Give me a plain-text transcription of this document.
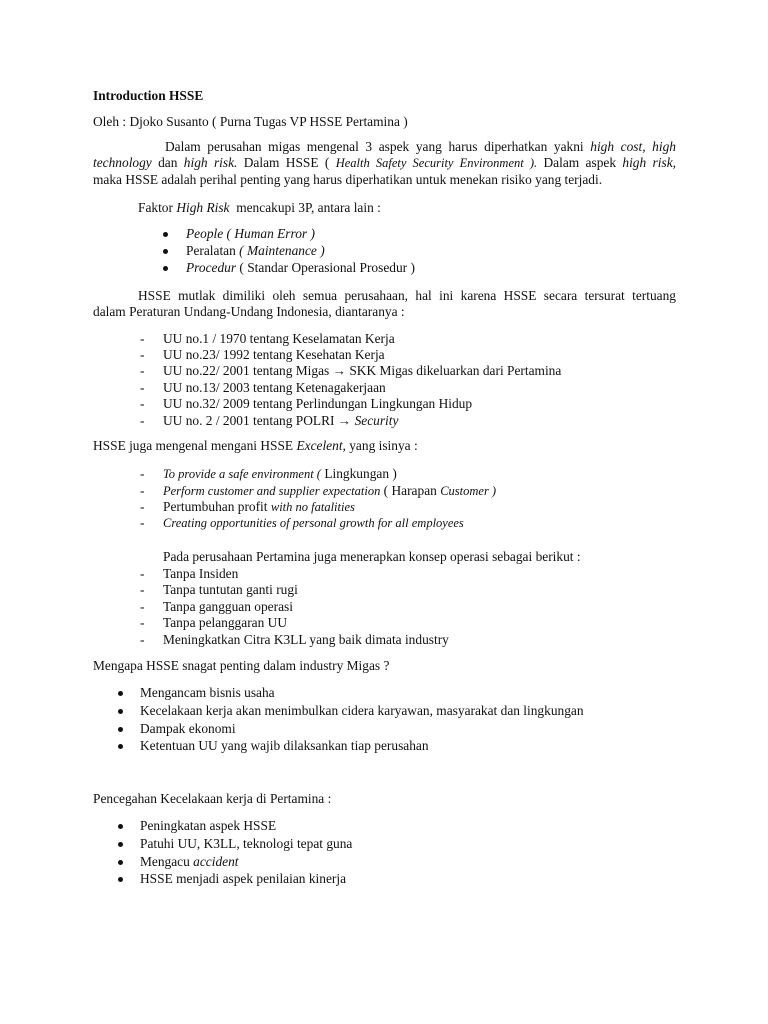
Introduction HSSE
Oleh : Djoko Susanto ( Purna Tugas VP HSSE Pertamina )
Dalam perusahan migas mengenal 3 aspek yang harus diperhatkan yakni high cost, high
technology dan high risk. Dalam HSSE ( Health Safety Security Environment ). Dalam aspek high risk,
maka HSSE adalah perihal penting yang harus diperhatikan untuk menekan risiko yang terjadi.
Faktor High Risk  mencakupi 3P, antara lain :
People ( Human Error )
Peralatan ( Maintenance )
Procedur ( Standar Operasional Prosedur )
HSSE mutlak dimiliki oleh semua perusahaan, hal ini karena HSSE secara tersurat tertuang
dalam Peraturan Undang-Undang Indonesia, diantaranya :
- UU no.1 / 1970 tentang Keselamatan Kerja
- UU no.23/ 1992 tentang Kesehatan Kerja
- UU no.22/ 2001 tentang Migas → SKK Migas dikeluarkan dari Pertamina
- UU no.13/ 2003 tentang Ketenagakerjaan
- UU no.32/ 2009 tentang Perlindungan Lingkungan Hidup
- UU no. 2 / 2001 tentang POLRI → Security
HSSE juga mengenal mengani HSSE Excelent, yang isinya :
- To provide a safe environment ( Lingkungan )
- Perform customer and supplier expectation ( Harapan Customer )
- Pertumbuhan profit with no fatalities
- Creating opportunities of personal growth for all employees
Pada perusahaan Pertamina juga menerapkan konsep operasi sebagai berikut :
- Tanpa Insiden
- Tanpa tuntutan ganti rugi
- Tanpa gangguan operasi
- Tanpa pelanggaran UU
- Meningkatkan Citra K3LL yang baik dimata industry
Mengapa HSSE snagat penting dalam industry Migas ?
Mengancam bisnis usaha
Kecelakaan kerja akan menimbulkan cidera karyawan, masyarakat dan lingkungan
Dampak ekonomi
Ketentuan UU yang wajib dilaksankan tiap perusahan
Pencegahan Kecelakaan kerja di Pertamina :
Peningkatan aspek HSSE
Patuhi UU, K3LL, teknologi tepat guna
Mengacu accident
HSSE menjadi aspek penilaian kinerja
